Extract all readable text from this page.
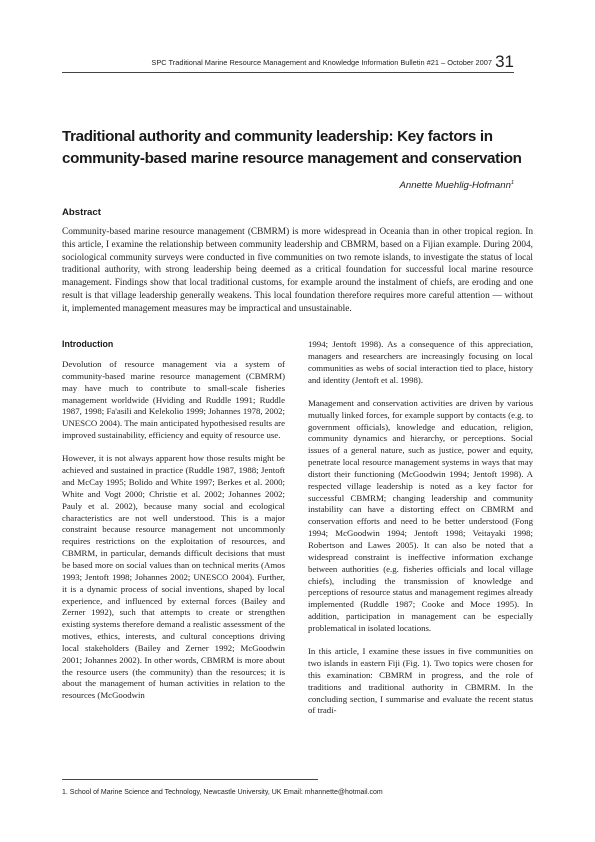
SPC Traditional Marine Resource Management and Knowledge Information Bulletin #21 – October 2007 31
Traditional authority and community leadership: Key factors in
community-based marine resource management and conservation
Annette Muehlig-Hofmann$^1$
Abstract

Community-based marine resource management (CBMRM) is more widespread in Oceania than in other tropical region. In this article, I examine the relationship between community leadership and CBMRM, based on a Fijian example. During 2004, sociological community surveys were conducted in five communities on two remote islands, to investigate the status of local traditional authority, with strong leadership being deemed as a critical foundation for successful local marine resource management. Findings show that local traditional customs, for example around the instalment of chiefs, are eroding and one result is that village leadership generally weakens. This local foundation therefore requires more careful attention — without it, implemented management measures may be impractical and unsustainable.

Introduction

Devolution of resource management via a system of community-based marine resource management (CBMRM) may have much to contribute to small-scale fisheries management worldwide (Hviding and Ruddle 1991; Ruddle 1987, 1998; Fa'asili and Kelekolio 1999; Johannes 1978, 2002; UNESCO 2004). The main anticipated hypothesised results are improved sustainability, efficiency and equity of resource use.

However, it is not always apparent how those results might be achieved and sustained in practice (Ruddle 1987, 1988; Jentoft and McCay 1995; Bolido and White 1997; Berkes et al. 2000; White and Vogt 2000; Christie et al. 2002; Johannes 2002; Pauly et al. 2002), because many social and ecological characteristics are not well understood. This is a major constraint because resource management not uncommonly requires restrictions on the exploitation of resources, and CBMRM, in particular, demands difficult decisions that must be based more on social values than on technical merits (Amos 1993; Jentoft 1998; Johannes 2002; UNESCO 2004). Further, it is a dynamic process of social inventions, shaped by local experience, and influenced by external forces (Bailey and Zerner 1992), such that attempts to create or strengthen existing systems therefore demand a realistic assessment of the motives, ethics, interests, and cultural conceptions driving local stakeholders (Bailey and Zerner 1992; McGoodwin 2001; Johannes 2002). In other words, CBMRM is more about the resource users (the community) than the resources; it is about the management of human activities in relation to the resources (McGoodwin

1994; Jentoft 1998). As a consequence of this appreciation, managers and researchers are increasingly focusing on local communities as webs of social interaction tied to place, history and identity (Jentoft et al. 1998).

Management and conservation activities are driven by various mutually linked forces, for example support by contacts (e.g. to government officials), knowledge and education, religion, community dynamics and hierarchy, or perceptions. Social issues of a general nature, such as justice, power and equity, penetrate local resource management systems in ways that may distort their functioning (McGoodwin 1994; Jentoft 1998). A respected village leadership is noted as a key factor for successful CBMRM; changing leadership and community instability can have a distorting effect on CBMRM and conservation efforts and need to be better understood (Fong 1994; McGoodwin 1994; Jentoft 1998; Veitayaki 1998; Robertson and Lawes 2005). It can also be noted that a widespread constraint is ineffective information exchange between authorities (e.g. fisheries officials and local village chiefs), including the transmission of knowledge and perceptions of resource status and management regimes already implemented (Ruddle 1987; Cooke and Moce 1995). In addition, participation in management can be especially problematical in isolated locations.

In this article, I examine these issues in five communities on two islands in eastern Fiji (Fig. 1). Two topics were chosen for this examination: CBMRM in progress, and the role of traditions and traditional authority in CBMRM. In the concluding section, I summarise and evaluate the recent status of tradi-

1. School of Marine Science and Technology, Newcastle University, UK Email: mhannette@hotmail.com
